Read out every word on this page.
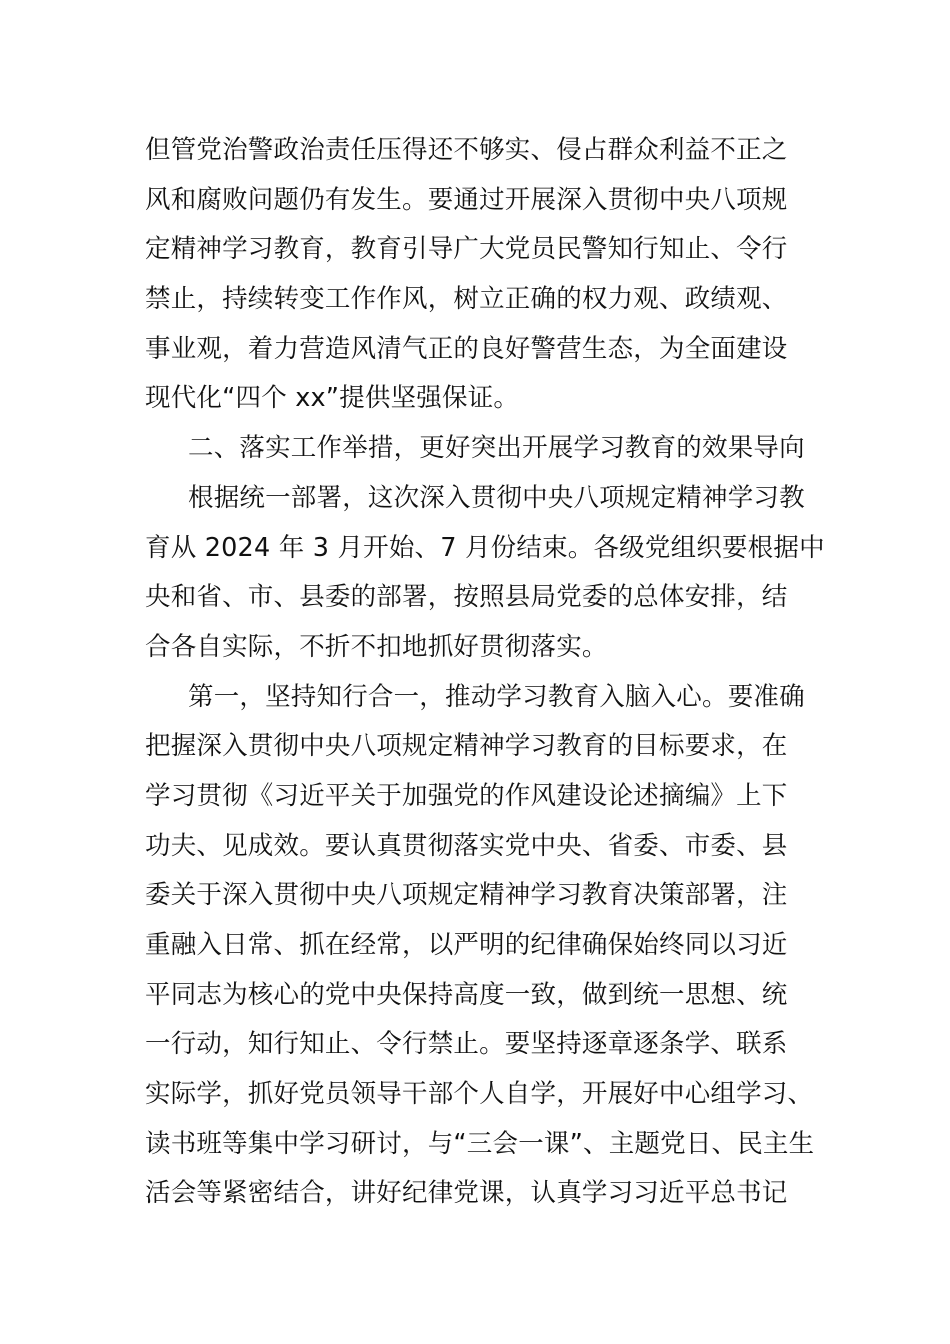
但管党治警政治责任压得还不够实、侵占群众利益不正之
风和腐败问题仍有发生。要通过开展深入贯彻中央八项规
定精神学习教育，教育引导广大党员民警知行知止、令行
禁止，持续转变工作作风，树立正确的权力观、政绩观、
事业观，着力营造风清气正的良好警营生态，为全面建设
现代化“四个 xx”提供坚强保证。
二、落实工作举措，更好突出开展学习教育的效果导向
根据统一部署，这次深入贯彻中央八项规定精神学习教
育从 2024 年 3 月开始、7 月份结束。各级党组织要根据中
央和省、市、县委的部署，按照县局党委的总体安排，结
合各自实际，不折不扣地抓好贯彻落实。
第一，坚持知行合一，推动学习教育入脑入心。要准确
把握深入贯彻中央八项规定精神学习教育的目标要求，在
学习贯彻《习近平关于加强党的作风建设论述摘编》上下
功夫、见成效。要认真贯彻落实党中央、省委、市委、县
委关于深入贯彻中央八项规定精神学习教育决策部署，注
重融入日常、抓在经常，以严明的纪律确保始终同以习近
平同志为核心的党中央保持高度一致，做到统一思想、统
一行动，知行知止、令行禁止。要坚持逐章逐条学、联系
实际学，抓好党员领导干部个人自学，开展好中心组学习、
读书班等集中学习研讨，与“三会一课”、主题党日、民主生
活会等紧密结合，讲好纪律党课，认真学习习近平总书记
